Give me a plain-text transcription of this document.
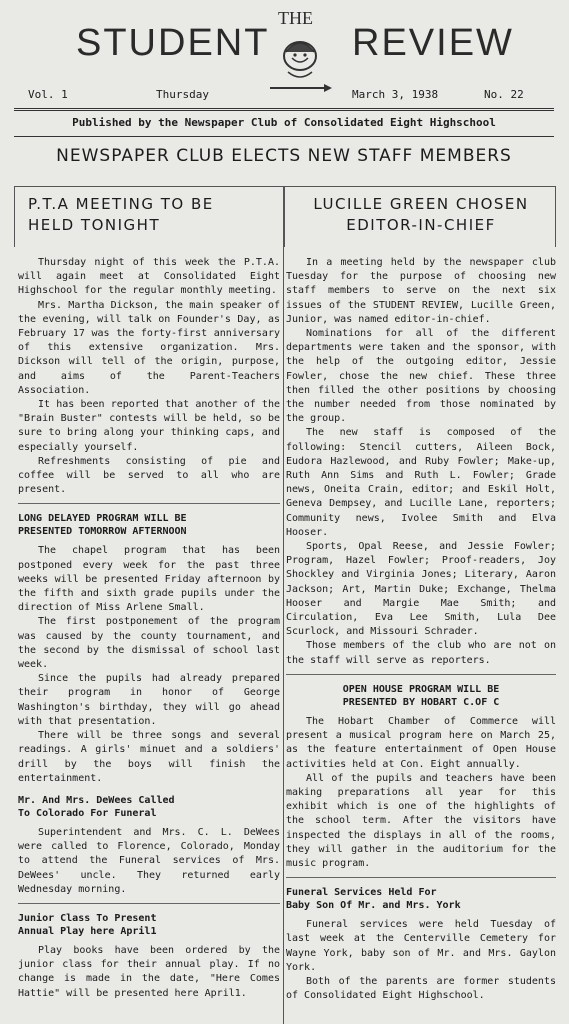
STUDENT
THE
REVIEW
Vol. 1	Thursday	March 3, 1938	No. 22
Published by the Newspaper Club of Consolidated Eight Highschool
NEWSPAPER CLUB ELECTS NEW STAFF MEMBERS
P.T.A MEETING TO BE
HELD TONIGHT

Thursday night of this week the P.T.A. will again meet at Consolidated Eight Highschool for the regular monthly meeting.

Mrs. Martha Dickson, the main speaker of the evening, will talk on Founder's Day, as February 17 was the forty-first anniversary of this extensive organization. Mrs. Dickson will tell of the origin, purpose, and aims of the Parent-Teachers Association.

It has been reported that another of the "Brain Buster" contests will be held, so be sure to bring along your thinking caps, and especially yourself.

Refreshments consisting of pie and coffee will be served to all who are present.

LONG DELAYED PROGRAM WILL BE
PRESENTED TOMORROW AFTERNOON

The chapel program that has been postponed every week for the past three weeks will be presented Friday afternoon by the fifth and sixth grade pupils under the direction of Miss Arlene Small.

The first postponement of the program was caused by the county tournament, and the second by the dismissal of school last week.

Since the pupils had already prepared their program in honor of George Washington's birthday, they will go ahead with that presentation.

There will be three songs and several readings. A girls' minuet and a soldiers' drill by the boys will finish the entertainment.

Mr. And Mrs. DeWees Called
To Colorado For Funeral

Superintendent and Mrs. C. L. DeWees were called to Florence, Colorado, Monday to attend the Funeral services of Mrs. DeWees' uncle. They returned early Wednesday morning.

Junior Class To Present
Annual Play here April1

Play books have been ordered by the junior class for their annual play. If no change is made in the date, "Here Comes Hattie" will be presented here April1.

LUCILLE GREEN CHOSEN
EDITOR-IN-CHIEF

In a meeting held by the newspaper club Tuesday for the purpose of choosing new staff members to serve on the next six issues of the STUDENT REVIEW, Lucille Green, Junior, was named editor-in-chief.

Nominations for all of the different departments were taken and the sponsor, with the help of the outgoing editor, Jessie Fowler, chose the new chief. These three then filled the other positions by choosing the number needed from those nominated by the group.

The new staff is composed of the following: Stencil cutters, Aileen Bock, Eudora Hazlewood, and Ruby Fowler; Make-up, Ruth Ann Sims and Ruth L. Fowler; Grade news, Oneita Crain, editor; and Eskil Holt, Geneva Dempsey, and Lucille Lane, reporters; Community news, Ivolee Smith and Elva Hooser.

Sports, Opal Reese, and Jessie Fowler; Program, Hazel Fowler; Proof-readers, Joy Shockley and Virginia Jones; Literary, Aaron Jackson; Art, Martin Duke; Exchange, Thelma Hooser and Margie Mae Smith; and Circulation, Eva Lee Smith, Lula Dee Scurlock, and Missouri Schrader.

Those members of the club who are not on the staff will serve as reporters.

OPEN HOUSE PROGRAM WILL BE
PRESENTED BY HOBART C.OF C

The Hobart Chamber of Commerce will present a musical program here on March 25, as the feature entertainment of Open House activities held at Con. Eight annually.

All of the pupils and teachers have been making preparations all year for this exhibit which is one of the highlights of the school term. After the visitors have inspected the displays in all of the rooms, they will gather in the auditorium for the music program.

Funeral Services Held For
Baby Son Of Mr. and Mrs. York

Funeral services were held Tuesday of last week at the Centerville Cemetery for Wayne York, baby son of Mr. and Mrs. Gaylon York.

Both of the parents are former students of Consolidated Eight Highschool.
